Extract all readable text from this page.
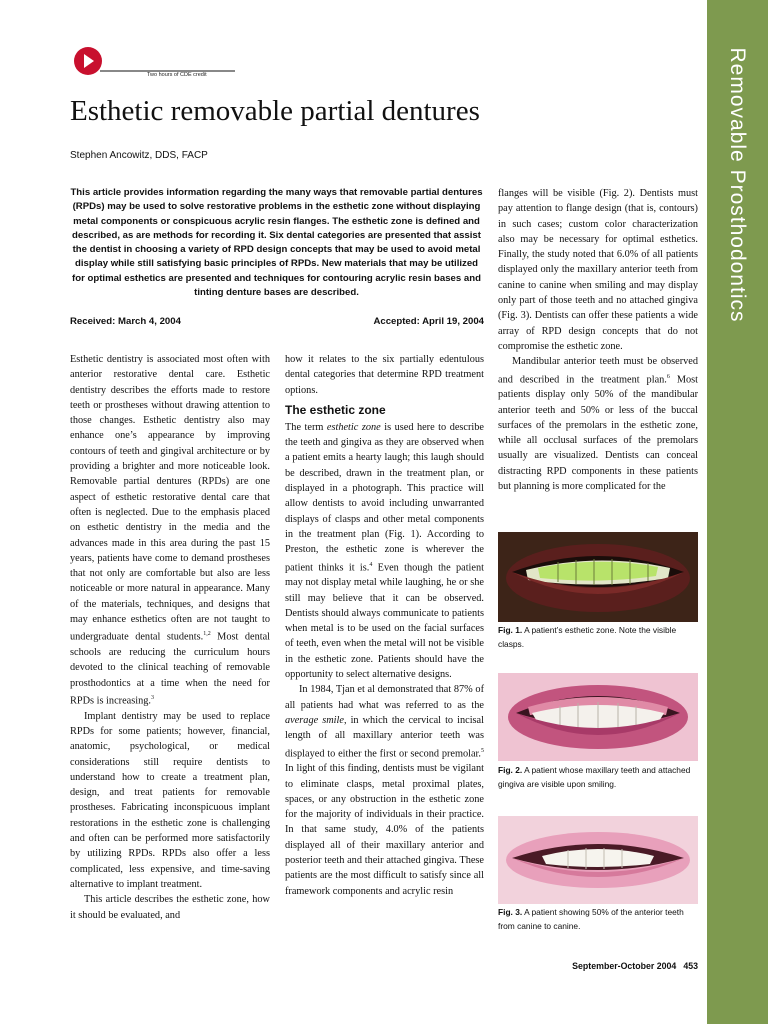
Removable Prosthodontics
DART
Two hours of CDE credit
Esthetic removable partial dentures
Stephen Ancowitz, DDS, FACP

This article provides information regarding the many ways that removable partial dentures (RPDs) may be used to solve restorative problems in the esthetic zone without displaying metal components or conspicuous acrylic resin flanges. The esthetic zone is defined and described, as are methods for recording it. Six dental categories are presented that assist the dentist in choosing a variety of RPD design concepts that may be used to avoid metal display while still satisfying basic principles of RPDs. New materials that may be utilized for optimal esthetics are presented and techniques for contouring acrylic resin bases and tinting denture bases are described.

Received: March 4, 2004	Accepted: April 19, 2004

Esthetic dentistry is associated most often with anterior restorative dental care. Esthetic dentistry describes the efforts made to restore teeth or prostheses without drawing attention to those changes. Esthetic dentistry also may enhance one’s appearance by improving contours of teeth and gingival architecture or by providing a brighter and more noticeable look. Removable partial dentures (RPDs) are one aspect of esthetic restorative dental care that often is neglected. Due to the emphasis placed on esthetic dentistry in the media and the advances made in this area during the past 15 years, patients have come to demand prostheses that not only are comfortable but also are less noticeable or more natural in appearance. Many of the materials, techniques, and designs that may enhance esthetics often are not taught to undergraduate dental students.$^{1,2}$ Most dental schools are reducing the curriculum hours devoted to the clinical teaching of removable prosthodontics at a time when the need for RPDs is increasing.$^3$

Implant dentistry may be used to replace RPDs for some patients; however, financial, anatomic, psychological, or medical considerations still require dentists to understand how to create a treatment plan, design, and treat patients for removable prostheses. Fabricating inconspicuous implant restorations in the esthetic zone is challenging and often can be performed more satisfactorily by utilizing RPDs. RPDs also offer a less complicated, less expensive, and time-saving alternative to implant treatment.

This article describes the esthetic zone, how it should be evaluated, and

how it relates to the six partially edentulous dental categories that determine RPD treatment options.

The esthetic zone

The term esthetic zone is used here to describe the teeth and gingiva as they are observed when a patient emits a hearty laugh; this laugh should be described, drawn in the treatment plan, or displayed in a photograph. This practice will allow dentists to avoid including unwarranted displays of clasps and other metal components in the treatment plan (Fig. 1). According to Preston, the esthetic zone is wherever the patient thinks it is.$^4$ Even though the patient may not display metal while laughing, he or she still may believe that it can be observed. Dentists should always communicate to patients when metal is to be used on the facial surfaces of teeth, even when the metal will not be visible in the esthetic zone. Patients should have the opportunity to select alternative designs.

In 1984, Tjan et al demonstrated that 87% of all patients had what was referred to as the average smile, in which the cervical to incisal length of all maxillary anterior teeth was displayed to either the first or second premolar.$^5$ In light of this finding, dentists must be vigilant to eliminate clasps, metal proximal plates, spaces, or any obstruction in the esthetic zone for the majority of individuals in their practice. In that same study, 4.0% of the patients displayed all of their maxillary anterior and posterior teeth and their attached gingiva. These patients are the most difficult to satisfy since all framework components and acrylic resin

flanges will be visible (Fig. 2). Dentists must pay attention to flange design (that is, contours) in such cases; custom color characterization also may be necessary for optimal esthetics. Finally, the study noted that 6.0% of all patients displayed only the maxillary anterior teeth from canine to canine when smiling and may display only part of those teeth and no attached gingiva (Fig. 3). Dentists can offer these patients a wide array of RPD design concepts that do not compromise the esthetic zone.

Mandibular anterior teeth must be observed and described in the treatment plan.$^6$ Most patients display only 50% of the mandibular anterior teeth and 50% or less of the buccal surfaces of the premolars in the esthetic zone, while all occlusal surfaces of the premolars usually are visualized. Dentists can conceal distracting RPD components in these patients but planning is more complicated for the

Fig. 1. A patient’s esthetic zone. Note the visible clasps.
Fig. 2. A patient whose maxillary teeth and attached gingiva are visible upon smiling.
Fig. 3. A patient showing 50% of the anterior teeth from canine to canine.
September-October 2004 453
